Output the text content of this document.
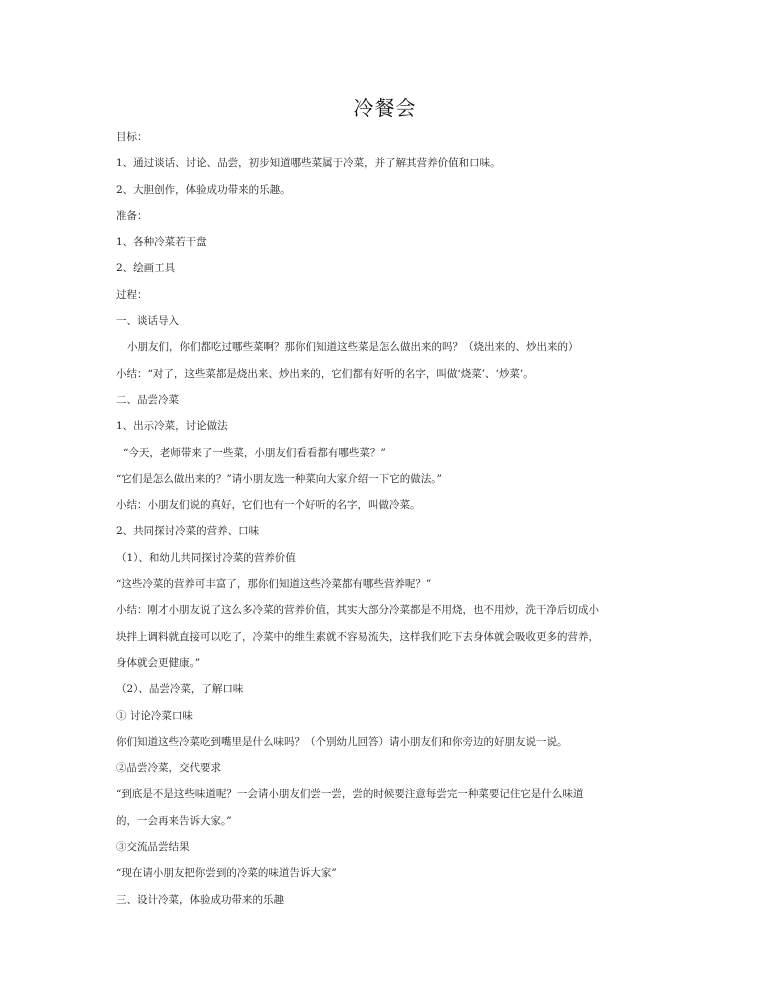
冷餐会
目标：
1、通过谈话、讨论、品尝，初步知道哪些菜属于冷菜，并了解其营养价值和口味。
2、大胆创作，体验成功带来的乐趣。
准备：
1、各种冷菜若干盘
2、绘画工具
过程：
一、谈话导入
小朋友们，你们都吃过哪些菜啊？那你们知道这些菜是怎么做出来的吗？（烧出来的、炒出来的）
小结：“对了，这些菜都是烧出来、炒出来的，它们都有好听的名字，叫做‘烧菜’、‘炒菜’。
二、品尝冷菜
1、出示冷菜，讨论做法
“今天，老师带来了一些菜，小朋友们看看都有哪些菜？”
“它们是怎么做出来的？”请小朋友选一种菜向大家介绍一下它的做法。”
小结：小朋友们说的真好，它们也有一个好听的名字，叫做冷菜。
2、共同探讨冷菜的营养、口味
（1）、和幼儿共同探讨冷菜的营养价值
“这些冷菜的营养可丰富了，那你们知道这些冷菜都有哪些营养呢？”
小结：刚才小朋友说了这么多冷菜的营养价值，其实大部分冷菜都是不用烧，也不用炒，洗干净后切成小
块拌上调料就直接可以吃了，冷菜中的维生素就不容易流失，这样我们吃下去身体就会吸收更多的营养，
身体就会更健康。”
（2）、品尝冷菜，了解口味
① 讨论冷菜口味
你们知道这些冷菜吃到嘴里是什么味吗？（个别幼儿回答）请小朋友们和你旁边的好朋友说一说。
②品尝冷菜，交代要求
“到底是不是这些味道呢？一会请小朋友们尝一尝，尝的时候要注意每尝完一种菜要记住它是什么味道
的，一会再来告诉大家。”
③交流品尝结果
“现在请小朋友把你尝到的冷菜的味道告诉大家”
三、设计冷菜，体验成功带来的乐趣
